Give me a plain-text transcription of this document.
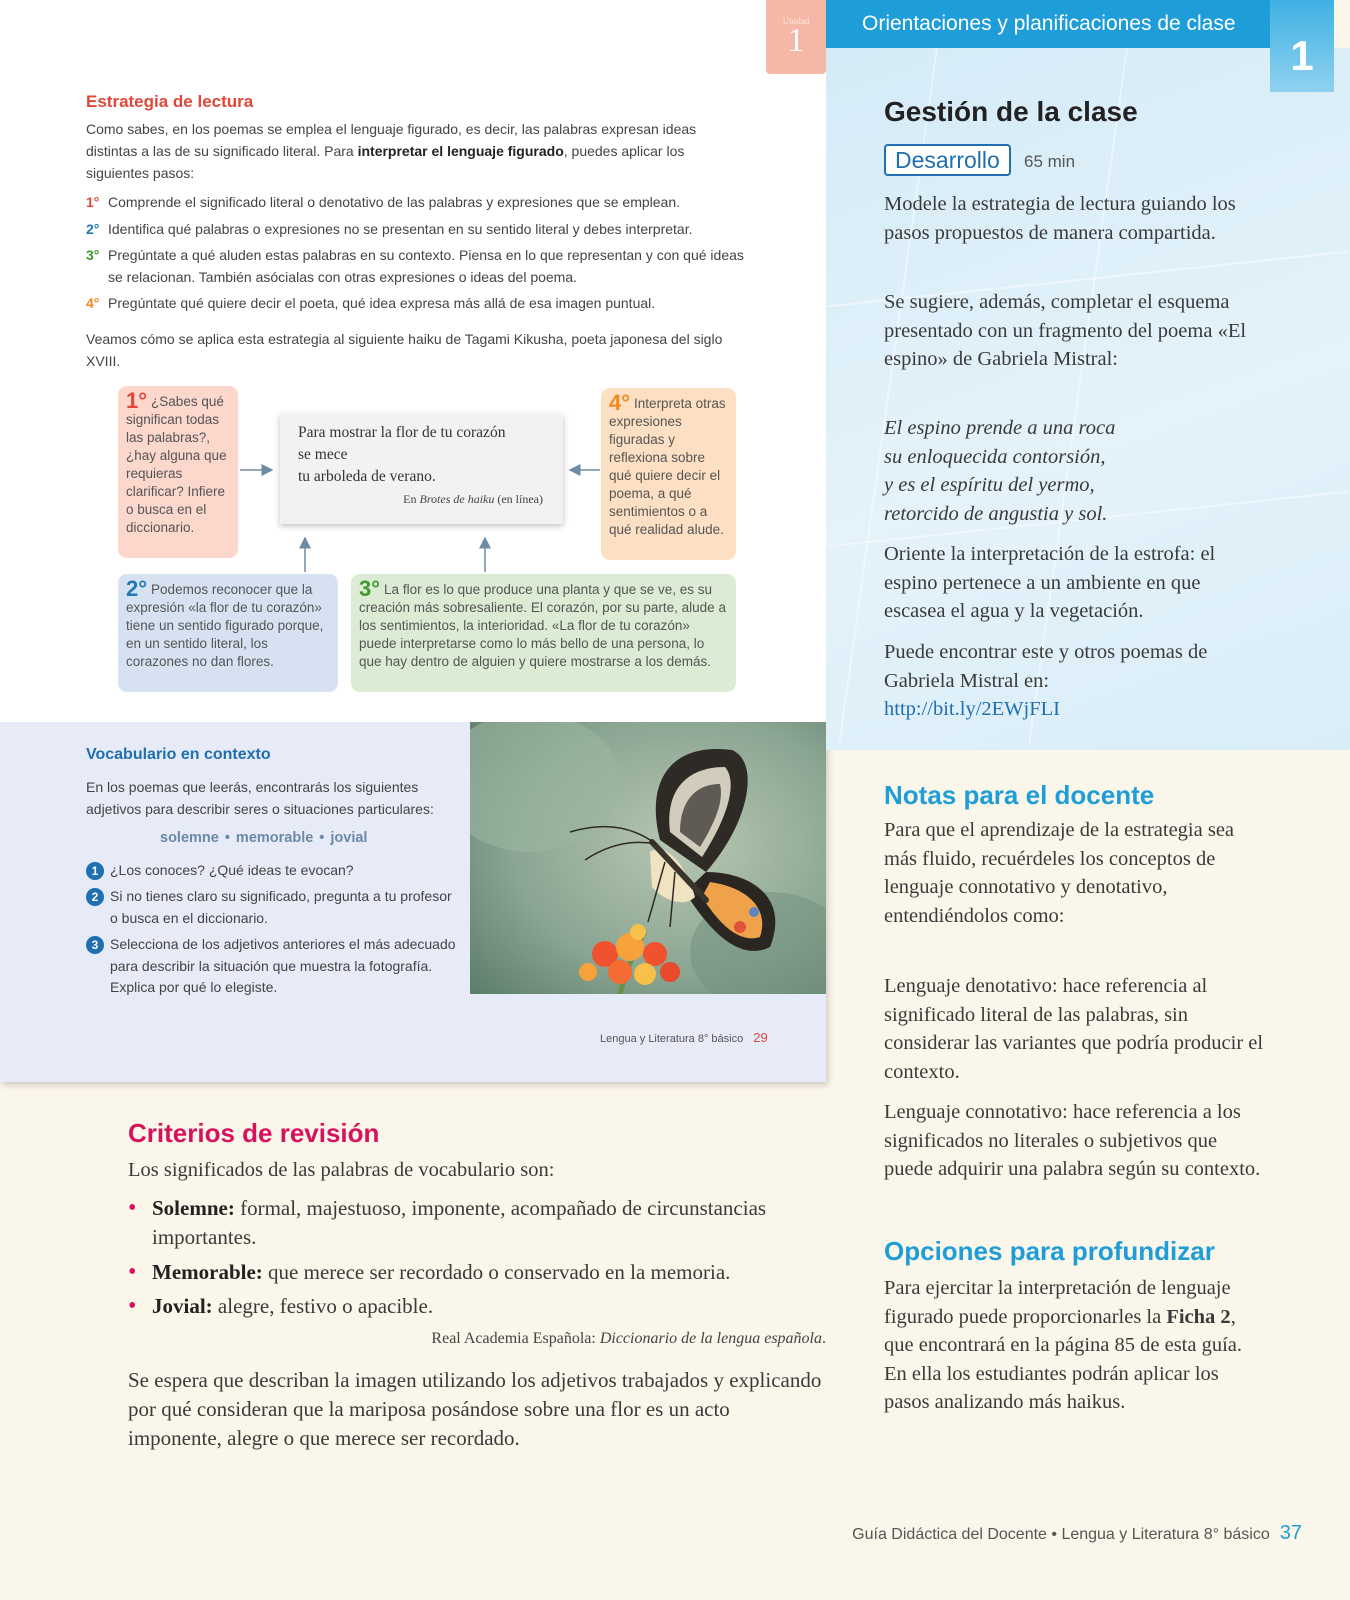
Unidad
1
Estrategia de lectura

Como sabes, en los poemas se emplea el lenguaje figurado, es decir, las palabras expresan ideas distintas a las de su significado literal. Para interpretar el lenguaje figurado, puedes aplicar los siguientes pasos:

1° Comprende el significado literal o denotativo de las palabras y expresiones que se emplean.
2° Identifica qué palabras o expresiones no se presentan en su sentido literal y debes interpretar.
3° Pregúntate a qué aluden estas palabras en su contexto. Piensa en lo que representan y con qué ideas se relacionan. También asócialas con otras expresiones o ideas del poema.
4° Pregúntate qué quiere decir el poeta, qué idea expresa más allá de esa imagen puntual.

Veamos cómo se aplica esta estrategia al siguiente haiku de Tagami Kikusha, poeta japonesa del siglo XVIII.

1° ¿Sabes qué significan todas las palabras?, ¿hay alguna que requieras clarificar? Infiere o busca en el diccionario.
4° Interpreta otras expresiones figuradas y reflexiona sobre qué quiere decir el poema, a qué sentimientos o a qué realidad alude.
2° Podemos reconocer que la expresión «la flor de tu corazón» tiene un sentido figurado porque, en un sentido literal, los corazones no dan flores.
3° La flor es lo que produce una planta y que se ve, es su creación más sobresaliente. El corazón, por su parte, alude a los sentimientos, la interioridad. «La flor de tu corazón» puede interpretarse como lo más bello de una persona, lo que hay dentro de alguien y quiere mostrarse a los demás.
Para mostrar la flor de tu corazón
se mece
tu arboleda de verano.
En Brotes de haiku (en línea)
Vocabulario en contexto

En los poemas que leerás, encontrarás los siguientes adjetivos para describir seres o situaciones particulares:

solemne • memorable • jovial
1 ¿Los conoces? ¿Qué ideas te evocan?
2 Si no tienes claro su significado, pregunta a tu profesor o busca en el diccionario.
3 Selecciona de los adjetivos anteriores el más adecuado para describir la situación que muestra la fotografía. Explica por qué lo elegiste.
Lengua y Literatura 8° básico 29
Criterios de revisión

Los significados de las palabras de vocabulario son:

• Solemne: formal, majestuoso, imponente, acompañado de circunstancias importantes.
• Memorable: que merece ser recordado o conservado en la memoria.
• Jovial: alegre, festivo o apacible.
Real Academia Española: Diccionario de la lengua española.

Se espera que describan la imagen utilizando los adjetivos trabajados y explicando por qué consideran que la mariposa posándose sobre una flor es un acto imponente, alegre o que merece ser recordado.

Orientaciones y planificaciones de clase
1
Gestión de la clase
Desarrollo	65 min

Modele la estrategia de lectura guiando los pasos propuestos de manera compartida.

Se sugiere, además, completar el esquema presentado con un fragmento del poema «El espino» de Gabriela Mistral:

El espino prende a una roca
su enloquecida contorsión,
y es el espíritu del yermo,
retorcido de angustia y sol.

Oriente la interpretación de la estrofa: el espino pertenece a un ambiente en que escasea el agua y la vegetación.

Puede encontrar este y otros poemas de Gabriela Mistral en:
http://bit.ly/2EWjFLI

Notas para el docente

Para que el aprendizaje de la estrategia sea más fluido, recuérdeles los conceptos de lenguaje connotativo y denotativo, entendiéndolos como:

Lenguaje denotativo: hace referencia al significado literal de las palabras, sin considerar las variantes que podría producir el contexto.

Lenguaje connotativo: hace referencia a los significados no literales o subjetivos que puede adquirir una palabra según su contexto.

Opciones para profundizar

Para ejercitar la interpretación de lenguaje figurado puede proporcionarles la Ficha 2, que encontrará en la página 85 de esta guía. En ella los estudiantes podrán aplicar los pasos analizando más haikus.

Guía Didáctica del Docente • Lengua y Literatura 8° básico 37
